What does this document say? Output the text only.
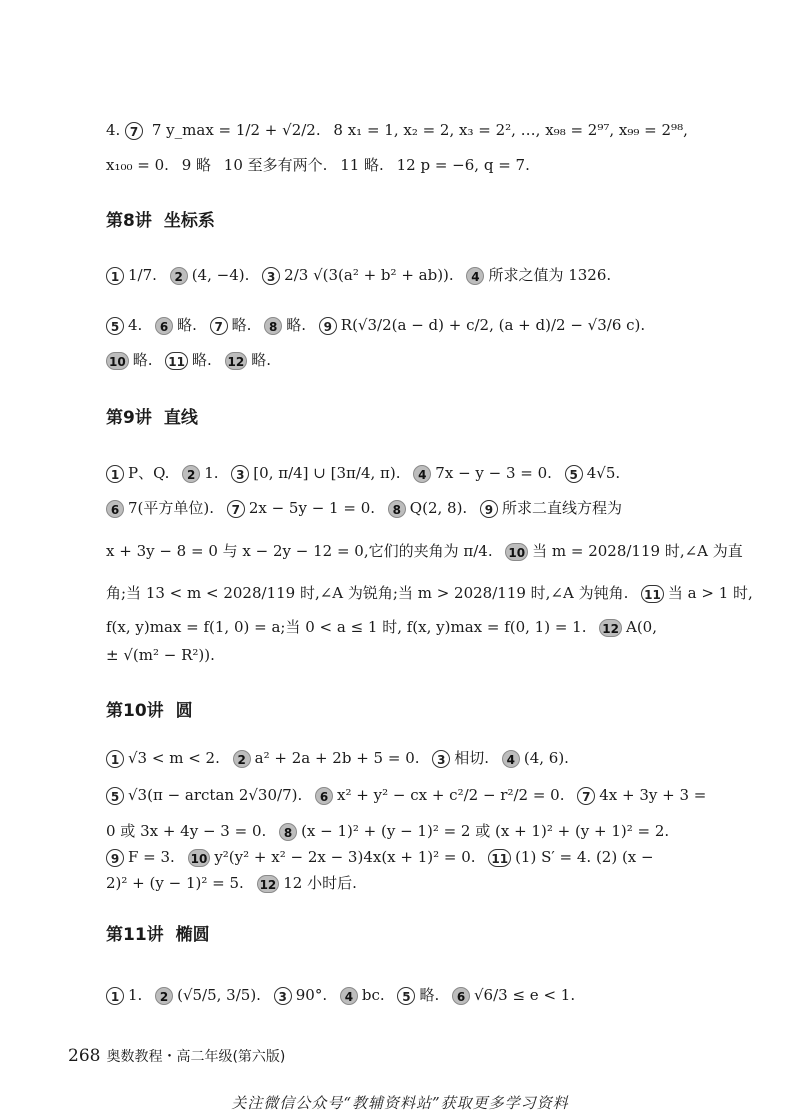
4. 7 7 y_max = 1/2 + √2/2. 8 x₁ = 1, x₂ = 2, x₃ = 2², …, x₉₈ = 2⁹⁷, x₉₉ = 2⁹⁸,
x₁₀₀ = 0. 9 略 10 至多有两个. 11 略. 12 p = −6, q = 7.
第8讲 坐标系
1 1/7. 2 (4, −4). 3 2/3 √(3(a² + b² + ab)). 4 所求之值为 1326.
5 4. 6 略. 7 略. 8 略. 9 R(√3/2(a − d) + c/2, (a + d)/2 − √3/6 c).
10 略. 11 略. 12 略.
第9讲 直线
1 P、Q. 2 1. 3 [0, π/4] ∪ [3π/4, π). 4 7x − y − 3 = 0. 5 4√5.
6 7(平方单位). 7 2x − 5y − 1 = 0. 8 Q(2, 8). 9 所求二直线方程为
x + 3y − 8 = 0 与 x − 2y − 12 = 0,它们的夹角为 π/4. 10 当 m = 2028/119 时,∠A 为直
角;当 13 < m < 2028/119 时,∠A 为锐角;当 m > 2028/119 时,∠A 为钝角. 11 当 a > 1 时,
f(x, y)max = f(1, 0) = a;当 0 < a ≤ 1 时, f(x, y)max = f(0, 1) = 1. 12 A(0,
± √(m² − R²)).
第10讲 圆
1 √3 < m < 2. 2 a² + 2a + 2b + 5 = 0. 3 相切. 4 (4, 6).
5 √3(π − arctan 2√30/7). 6 x² + y² − cx + c²/2 − r²/2 = 0. 7 4x + 3y + 3 =
0 或 3x + 4y − 3 = 0. 8 (x − 1)² + (y − 1)² = 2 或 (x + 1)² + (y + 1)² = 2.
9 F = 3. 10 y²(y² + x² − 2x − 3)4x(x + 1)² = 0. 11 (1) S′ = 4. (2) (x −
2)² + (y − 1)² = 5. 12 12 小时后.
第11讲 椭圆
1 1. 2 (√5/5, 3/5). 3 90°. 4 bc. 5 略. 6 √6/3 ≤ e < 1.
268 奥数教程・高二年级(第六版)
关注微信公众号“教辅资料站”获取更多学习资料
